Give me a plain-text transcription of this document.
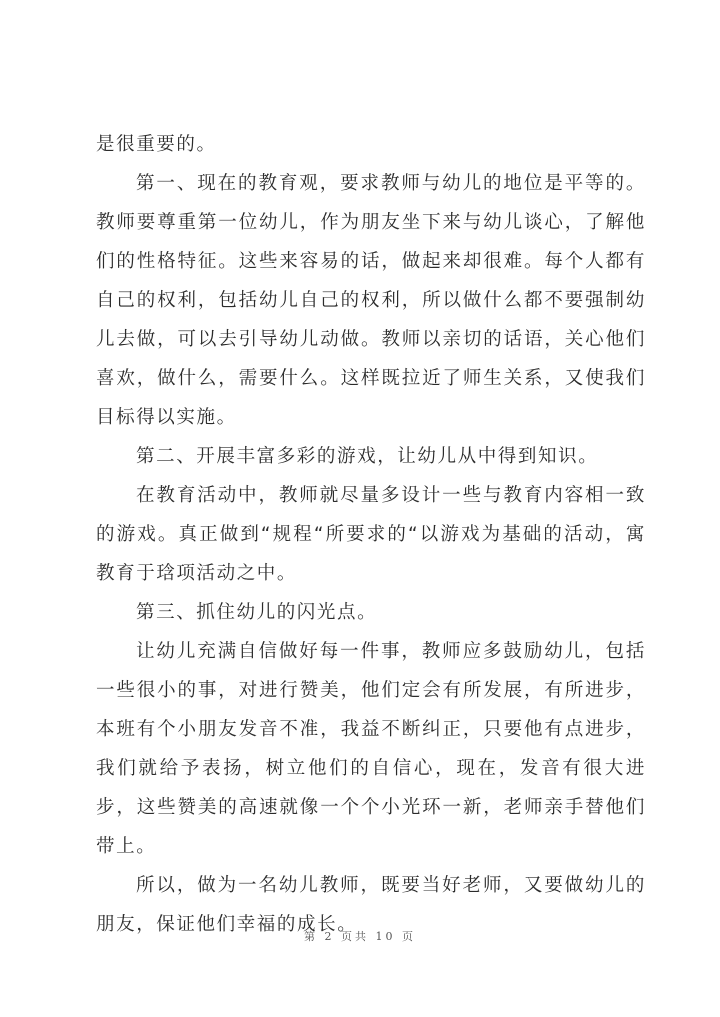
是很重要的。

第一、现在的教育观，要求教师与幼儿的地位是平等的。教师要尊重第一位幼儿，作为朋友坐下来与幼儿谈心，了解他们的性格特征。这些来容易的话，做起来却很难。每个人都有自己的权利，包括幼儿自己的权利，所以做什么都不要强制幼儿去做，可以去引导幼儿动做。教师以亲切的话语，关心他们喜欢，做什么，需要什么。这样既拉近了师生关系，又使我们目标得以实施。

第二、开展丰富多彩的游戏，让幼儿从中得到知识。

在教育活动中，教师就尽量多设计一些与教育内容相一致的游戏。真正做到“规程“所要求的“以游戏为基础的活动，寓教育于琀项活动之中。

第三、抓住幼儿的闪光点。

让幼儿充满自信做好每一件事，教师应多鼓励幼儿，包括一些很小的事，对进行赞美，他们定会有所发展，有所进步，本班有个小朋友发音不准，我益不断纠正，只要他有点进步，我们就给予表扬，树立他们的自信心，现在，发音有很大进步，这些赞美的高速就像一个个小光环一新，老师亲手替他们带上。

所以，做为一名幼儿教师，既要当好老师，又要做幼儿的朋友，保证他们幸福的成长。

第 2 页共 10 页
